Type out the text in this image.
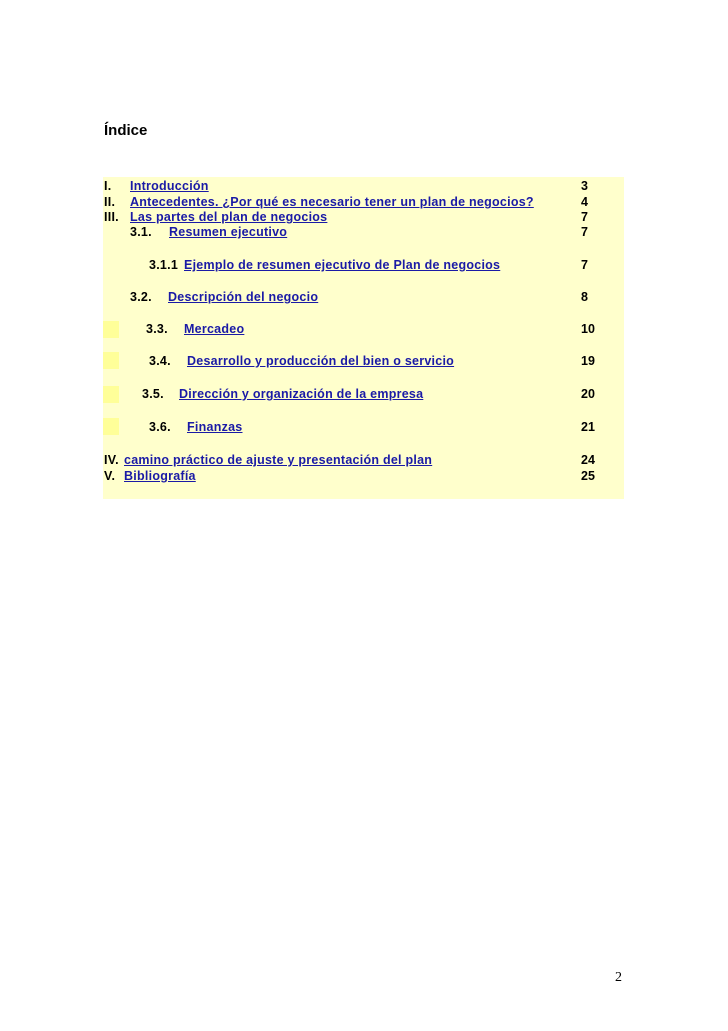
Índice
I. Introducción	3
II. Antecedentes. ¿Por qué es necesario tener un plan de negocios?	4
III. Las partes del plan de negocios	7
3.1. Resumen ejecutivo	7
3.1.1 Ejemplo de resumen ejecutivo de Plan de negocios	7
3.2. Descripción del negocio	8
3.3. Mercadeo	10
3.4. Desarrollo y producción del bien o servicio	19
3.5. Dirección y organización de la empresa	20
3.6. Finanzas	21
IV. camino práctico de ajuste y presentación del plan	24
V. Bibliografía	25
2
